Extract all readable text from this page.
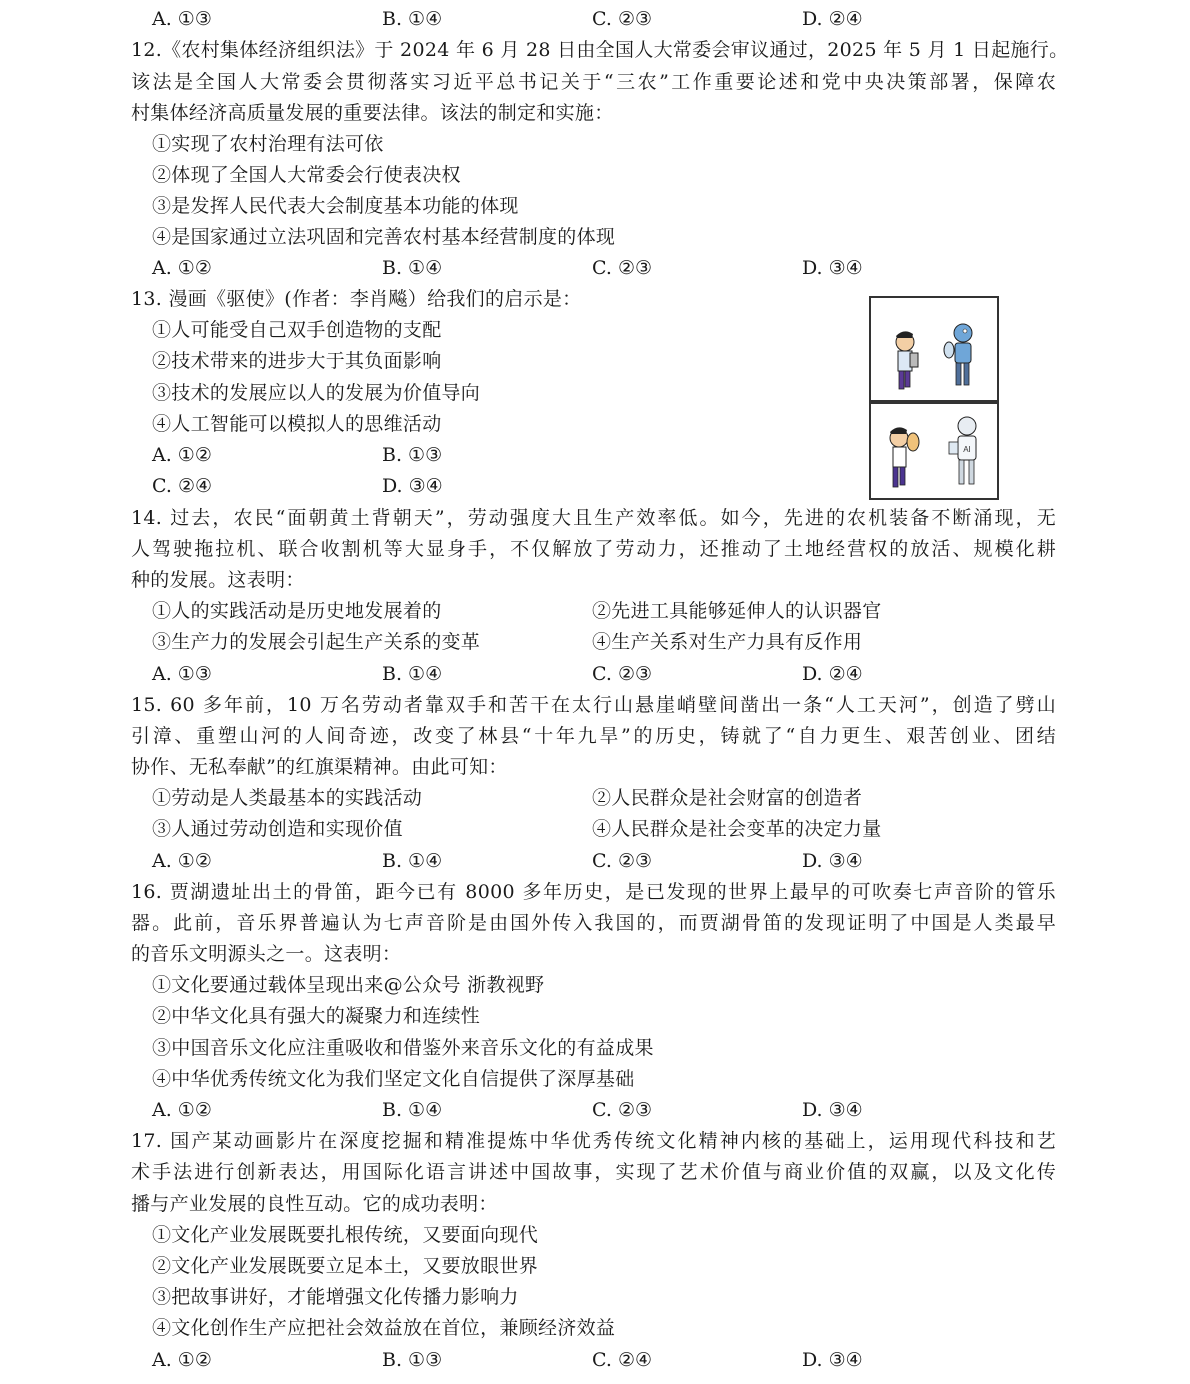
A. ①③	B. ①④	C. ②③	D. ②④
12.《农村集体经济组织法》于 2024 年 6 月 28 日由全国人大常委会审议通过，2025 年 5 月 1 日起施行。
该法是全国人大常委会贯彻落实习近平总书记关于“三农”工作重要论述和党中央决策部署，保障农
村集体经济高质量发展的重要法律。该法的制定和实施：
①实现了农村治理有法可依
②体现了全国人大常委会行使表决权
③是发挥人民代表大会制度基本功能的体现
④是国家通过立法巩固和完善农村基本经营制度的体现
A. ①②	B. ①④	C. ②③	D. ③④
13. 漫画《驱使》(作者：李肖飚）给我们的启示是：
①人可能受自己双手创造物的支配
②技术带来的进步大于其负面影响
③技术的发展应以人的发展为价值导向
④人工智能可以模拟人的思维活动
A. ①②	B. ①③
C. ②④	D. ③④
AI
14. 过去，农民“面朝黄土背朝天”，劳动强度大且生产效率低。如今，先进的农机装备不断涌现，无
人驾驶拖拉机、联合收割机等大显身手，不仅解放了劳动力，还推动了土地经营权的放活、规模化耕
种的发展。这表明：
①人的实践活动是历史地发展着的	②先进工具能够延伸人的认识器官
③生产力的发展会引起生产关系的变革	④生产关系对生产力具有反作用
A. ①③	B. ①④	C. ②③	D. ②④
15. 60 多年前，10 万名劳动者靠双手和苦干在太行山悬崖峭壁间凿出一条“人工天河”，创造了劈山
引漳、重塑山河的人间奇迹，改变了林县“十年九旱”的历史，铸就了“自力更生、艰苦创业、团结
协作、无私奉献”的红旗渠精神。由此可知：
①劳动是人类最基本的实践活动	②人民群众是社会财富的创造者
③人通过劳动创造和实现价值	④人民群众是社会变革的决定力量
A. ①②	B. ①④	C. ②③	D. ③④
16. 贾湖遗址出土的骨笛，距今已有 8000 多年历史，是已发现的世界上最早的可吹奏七声音阶的管乐
器。此前，音乐界普遍认为七声音阶是由国外传入我国的，而贾湖骨笛的发现证明了中国是人类最早
的音乐文明源头之一。这表明：
①文化要通过载体呈现出来@公众号 浙教视野
②中华文化具有强大的凝聚力和连续性
③中国音乐文化应注重吸收和借鉴外来音乐文化的有益成果
④中华优秀传统文化为我们坚定文化自信提供了深厚基础
A. ①②	B. ①④	C. ②③	D. ③④
17. 国产某动画影片在深度挖掘和精准提炼中华优秀传统文化精神内核的基础上，运用现代科技和艺
术手法进行创新表达，用国际化语言讲述中国故事，实现了艺术价值与商业价值的双赢，以及文化传
播与产业发展的良性互动。它的成功表明：
①文化产业发展既要扎根传统，又要面向现代
②文化产业发展既要立足本土，又要放眼世界
③把故事讲好，才能增强文化传播力影响力
④文化创作生产应把社会效益放在首位，兼顾经济效益
A. ①②	B. ①③	C. ②④	D. ③④
